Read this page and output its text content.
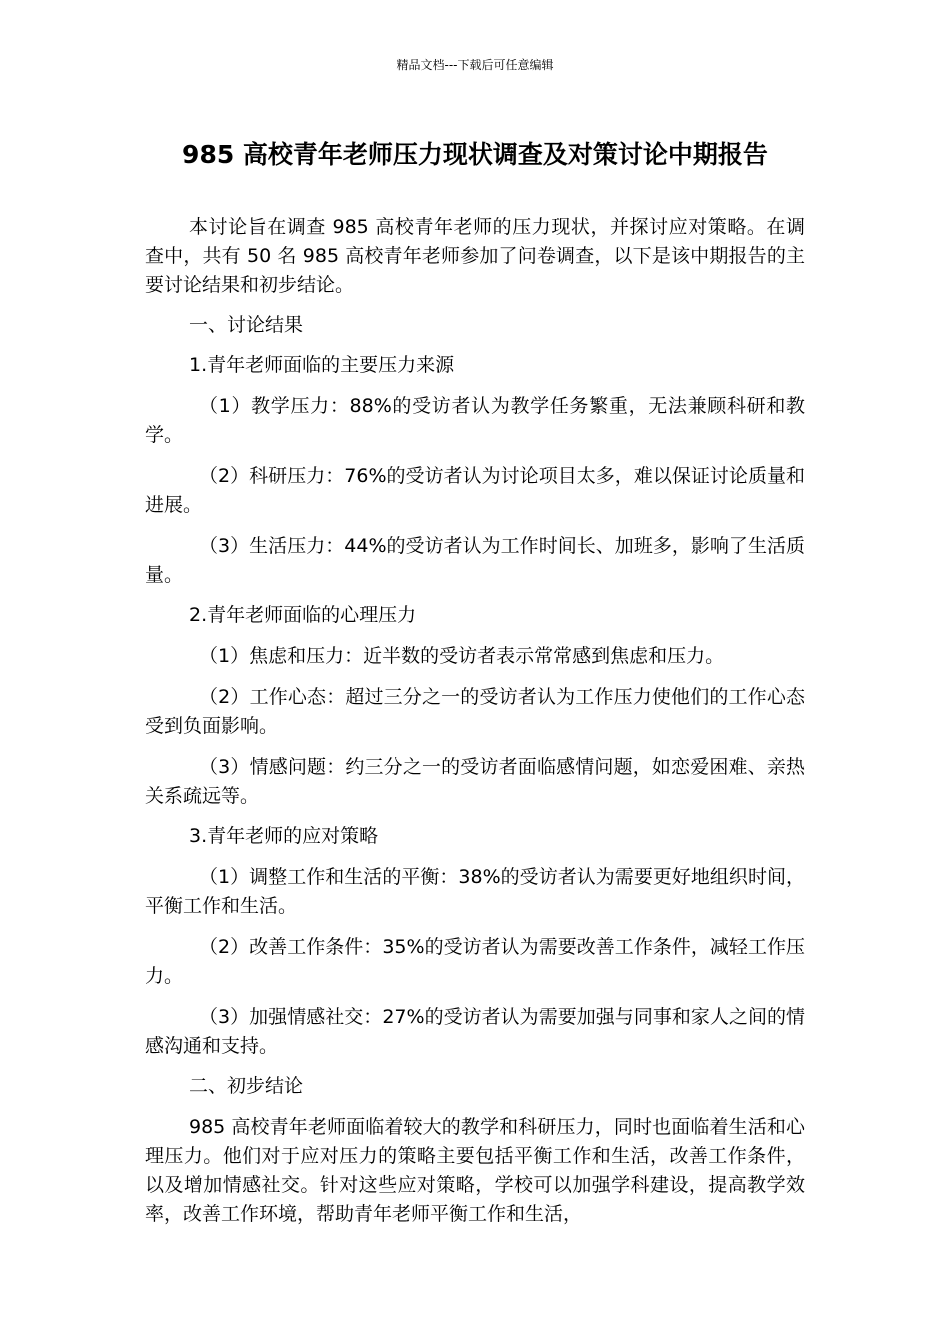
精品文档---下载后可任意编辑
985 高校青年老师压力现状调查及对策讨论中期报告

本讨论旨在调查 985 高校青年老师的压力现状，并探讨应对策略。在调查中，共有 50 名 985 高校青年老师参加了问卷调查，以下是该中期报告的主要讨论结果和初步结论。

一、讨论结果

1.青年老师面临的主要压力来源

（1）教学压力：88%的受访者认为教学任务繁重，无法兼顾科研和教学。

（2）科研压力：76%的受访者认为讨论项目太多，难以保证讨论质量和进展。

（3）生活压力：44%的受访者认为工作时间长、加班多，影响了生活质量。

2.青年老师面临的心理压力

（1）焦虑和压力：近半数的受访者表示常常感到焦虑和压力。

（2）工作心态：超过三分之一的受访者认为工作压力使他们的工作心态受到负面影响。

（3）情感问题：约三分之一的受访者面临感情问题，如恋爱困难、亲热关系疏远等。

3.青年老师的应对策略

（1）调整工作和生活的平衡：38%的受访者认为需要更好地组织时间，平衡工作和生活。

（2）改善工作条件：35%的受访者认为需要改善工作条件，减轻工作压力。

（3）加强情感社交：27%的受访者认为需要加强与同事和家人之间的情感沟通和支持。

二、初步结论

985 高校青年老师面临着较大的教学和科研压力，同时也面临着生活和心理压力。他们对于应对压力的策略主要包括平衡工作和生活，改善工作条件，以及增加情感社交。针对这些应对策略，学校可以加强学科建设，提高教学效率，改善工作环境，帮助青年老师平衡工作和生活，
